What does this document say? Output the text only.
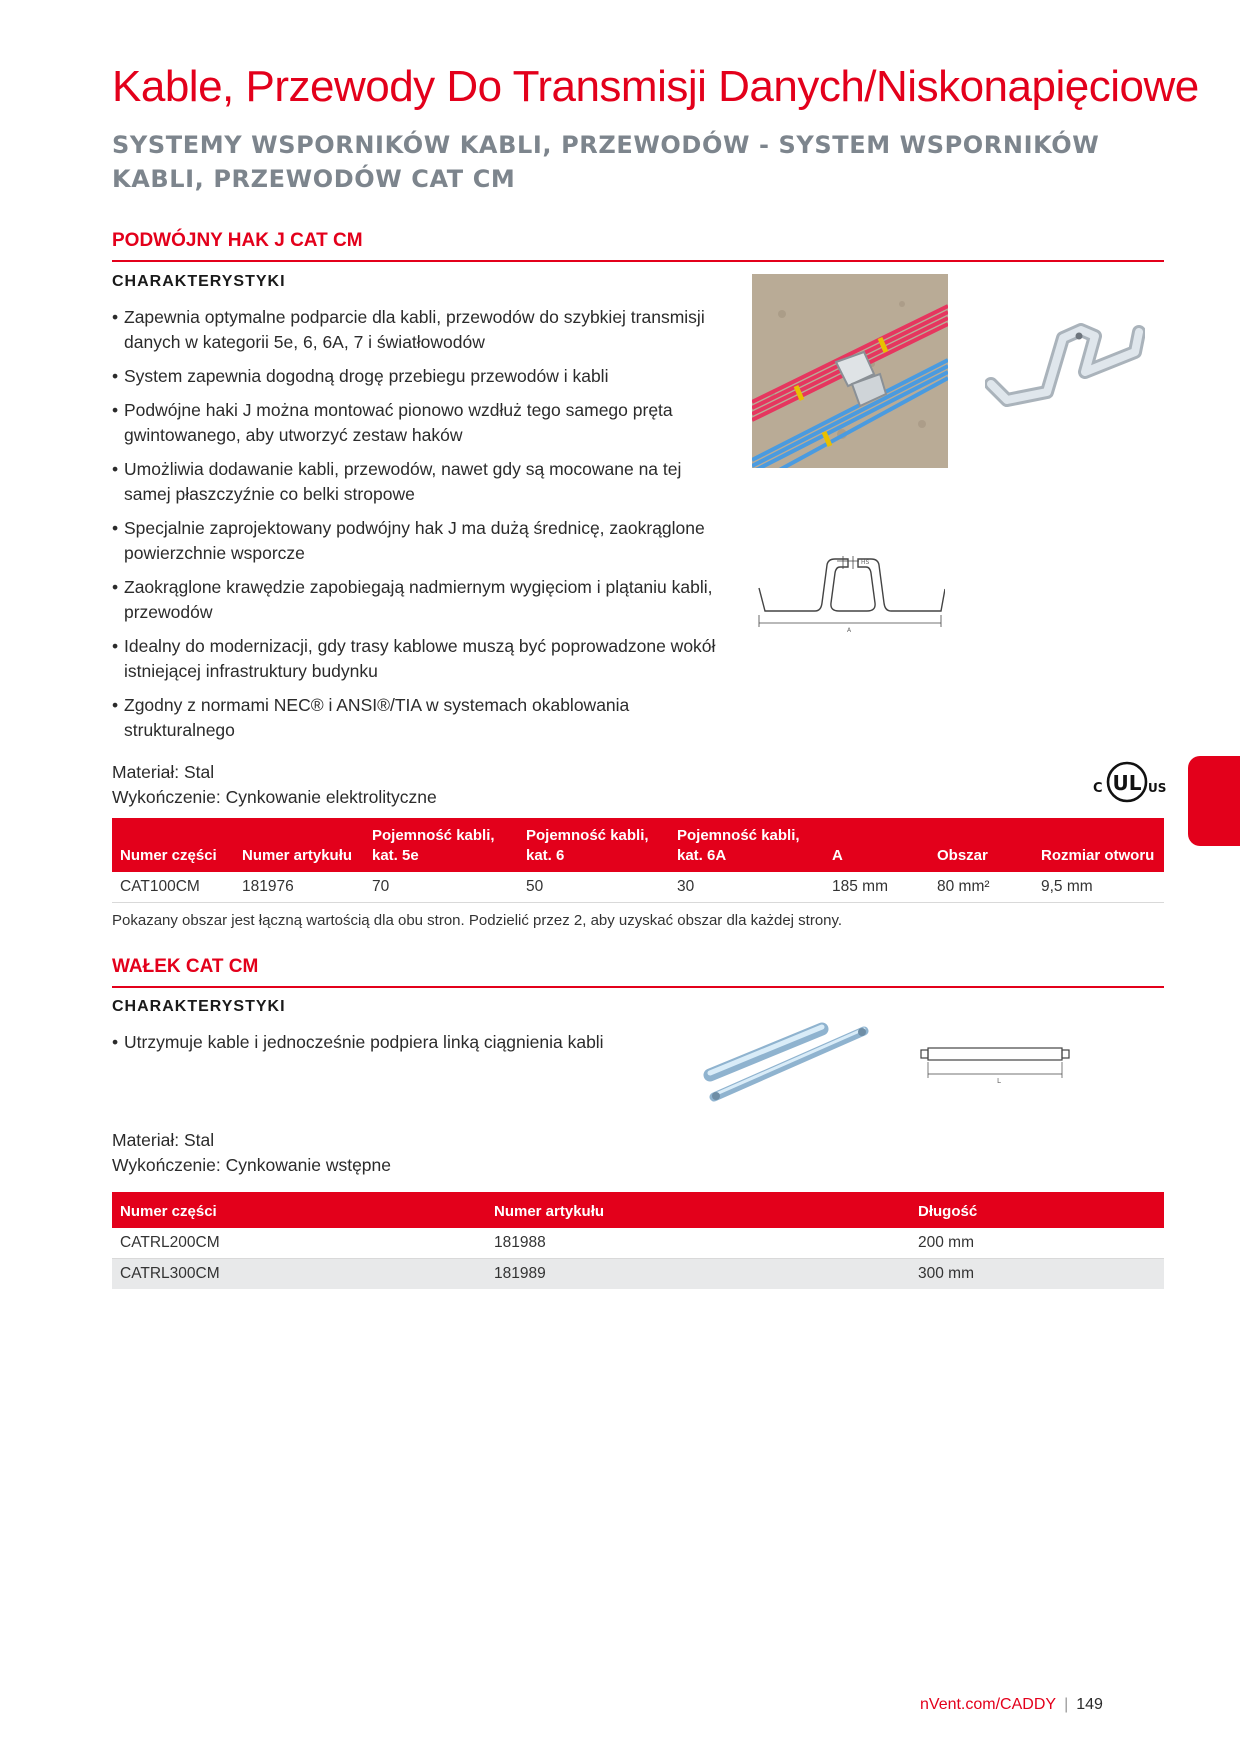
Kable, Przewody Do Transmisji Danych/Niskonapięciowe
SYSTEMY WSPORNIKÓW KABLI, PRZEWODÓW - SYSTEM WSPORNIKÓW KABLI, PRZEWODÓW CAT CM
PODWÓJNY HAK J CAT CM
CHARAKTERYSTYKI
• Zapewnia optymalne podparcie dla kabli, przewodów do szybkiej transmisji danych w kategorii 5e, 6, 6A, 7 i światłowodów
• System zapewnia dogodną drogę przebiegu przewodów i kabli
• Podwójne haki J można montować pionowo wzdłuż tego samego pręta gwintowanego, aby utworzyć zestaw haków
• Umożliwia dodawanie kabli, przewodów, nawet gdy są mocowane na tej samej płaszczyźnie co belki stropowe
• Specjalnie zaprojektowany podwójny hak J ma dużą średnicę, zaokrąglone powierzchnie wsporcze
• Zaokrąglone krawędzie zapobiegają nadmiernym wygięciom i plątaniu kabli, przewodów
• Idealny do modernizacji, gdy trasy kablowe muszą być poprowadzone wokół istniejącej infrastruktury budynku
• Zgodny z normami NEC® i ANSI®/TIA w systemach okablowania strukturalnego
HS
A
Materiał: Stal
Wykończenie: Cynkowanie elektrolityczne
UL
C	US
Numer części	Numer artykułu	Pojemność kabli, kat. 5e	Pojemność kabli, kat. 6	Pojemność kabli, kat. 6A	A	Obszar	Rozmiar otworu
CAT100CM	181976	70	50	30	185 mm	80 mm²	9,5 mm
Pokazany obszar jest łączną wartością dla obu stron. Podzielić przez 2, aby uzyskać obszar dla każdej strony.
WAŁEK CAT CM
CHARAKTERYSTYKI
• Utrzymuje kable i jednocześnie podpiera linką ciągnienia kabli
L
Materiał: Stal
Wykończenie: Cynkowanie wstępne
Numer części	Numer artykułu	Długość
CATRL200CM	181988	200 mm
CATRL300CM	181989	300 mm
nVent.com/CADDY | 149
